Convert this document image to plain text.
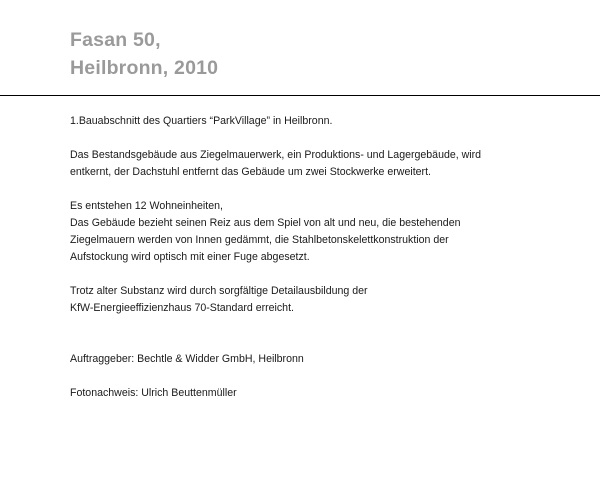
Fasan 50,
Heilbronn, 2010

1.Bauabschnitt des Quartiers “ParkVillage” in Heilbronn.

Das Bestandsgebäude aus Ziegelmauerwerk, ein Produktions- und Lagergebäude, wird
entkernt, der Dachstuhl entfernt das Gebäude um zwei Stockwerke erweitert.

Es entstehen 12 Wohneinheiten,
Das Gebäude bezieht seinen Reiz aus dem Spiel von alt und neu, die bestehenden
Ziegelmauern werden von Innen gedämmt, die Stahlbetonskelettkonstruktion der
Aufstockung wird optisch mit einer Fuge abgesetzt.

Trotz alter Substanz wird durch sorgfältige Detailausbildung der
KfW-Energieeffizienzhaus 70-Standard erreicht.

Auftraggeber: Bechtle & Widder GmbH, Heilbronn

Fotonachweis: Ulrich Beuttenmüller
